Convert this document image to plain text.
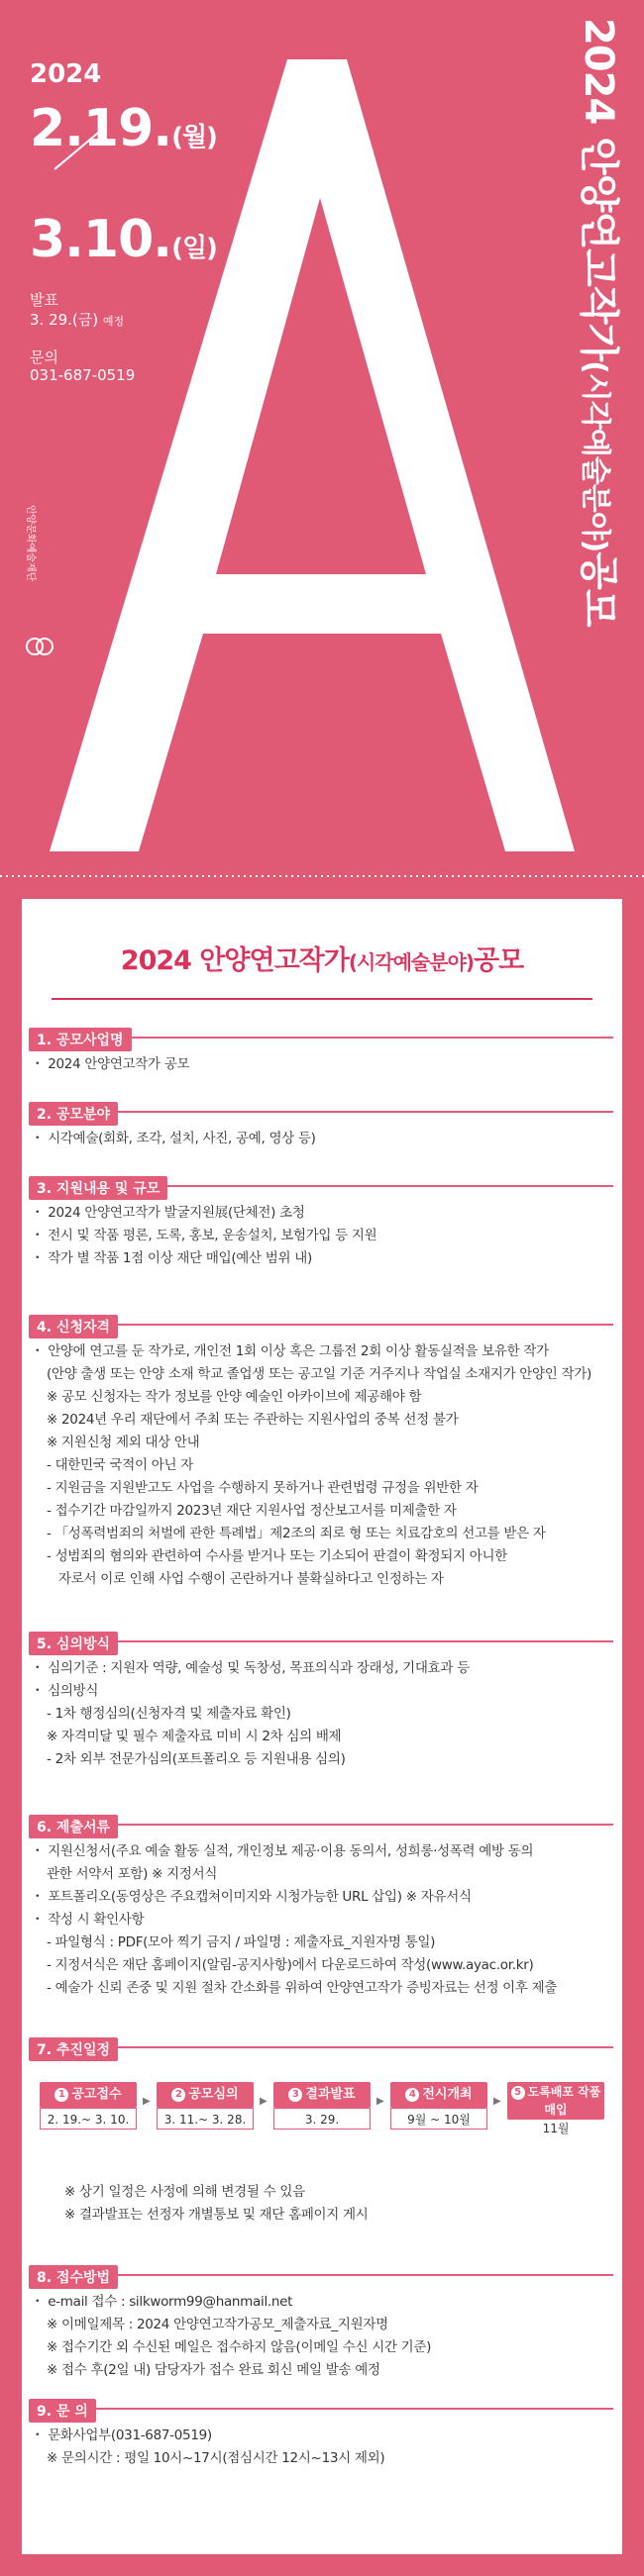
2024
2.19.(월)
3.10.(일)
발표
3. 29.(금) 예정
문의
031-687-0519
2024 안양연고작가(시각예술분야)공모
안양문화예술재단
2024 안양연고작가(시각예술분야)공모
1. 공모사업명
・ 2024 안양연고작가 공모
2. 공모분야
・ 시각예술(회화, 조각, 설치, 사진, 공예, 영상 등)
3. 지원내용 및 규모
・ 2024 안양연고작가 발굴지원展(단체전) 초청
・ 전시 및 작품 평론, 도록, 홍보, 운송설치, 보험가입 등 지원
・ 작가 별 작품 1점 이상 재단 매입(예산 범위 내)
4. 신청자격
・ 안양에 연고를 둔 작가로, 개인전 1회 이상 혹은 그룹전 2회 이상 활동실적을 보유한 작가
(안양 출생 또는 안양 소재 학교 졸업생 또는 공고일 기준 거주지나 작업실 소재지가 안양인 작가)
※ 공모 신청자는 작가 정보를 안양 예술인 아카이브에 제공해야 함
※ 2024년 우리 재단에서 주최 또는 주관하는 지원사업의 중복 선정 불가
※ 지원신청 제외 대상 안내
- 대한민국 국적이 아닌 자
- 지원금을 지원받고도 사업을 수행하지 못하거나 관련법령 규정을 위반한 자
- 접수기간 마감일까지 2023년 재단 지원사업 정산보고서를 미제출한 자
- 「성폭력범죄의 처벌에 관한 특례법」제2조의 죄로 형 또는 치료감호의 선고를 받은 자
- 성범죄의 혐의와 관련하여 수사를 받거나 또는 기소되어 판결이 확정되지 아니한
자로서 이로 인해 사업 수행이 곤란하거나 불확실하다고 인정하는 자
5. 심의방식
・ 심의기준 : 지원자 역량, 예술성 및 독창성, 목표의식과 장래성, 기대효과 등
・ 심의방식
- 1차 행정심의(신청자격 및 제출자료 확인)
※ 자격미달 및 필수 제출자료 미비 시 2차 심의 배제
- 2차 외부 전문가심의(포트폴리오 등 지원내용 심의)
6. 제출서류
・ 지원신청서(주요 예술 활동 실적, 개인정보 제공·이용 동의서, 성희롱·성폭력 예방 동의
관한 서약서 포함) ※ 지정서식
・ 포트폴리오(동영상은 주요캡쳐이미지와 시청가능한 URL 삽입) ※ 자유서식
・ 작성 시 확인사항
- 파일형식 : PDF(모아 찍기 금지 / 파일명 : 제출자료_지원자명 통일)
- 지정서식은 재단 홈페이지(알림-공지사항)에서 다운로드하여 작성(www.ayac.or.kr)
- 예술가 신뢰 존중 및 지원 절차 간소화를 위하여 안양연고작가 증빙자료는 선정 이후 제출
7. 추진일정
1 공고접수
2. 19.~ 3. 10.
▶
2 공모심의
3. 11.~ 3. 28.
▶
3 결과발표
3. 29.
▶
4 전시개최
9월 ~ 10월
▶
5 도록배포 작품매입
11월
※ 상기 일정은 사정에 의해 변경될 수 있음
※ 결과발표는 선정자 개별통보 및 재단 홈페이지 게시
8. 접수방법
・ e-mail 접수 : silkworm99@hanmail.net
※ 이메일제목 : 2024 안양연고작가공모_제출자료_지원자명
※ 접수기간 외 수신된 메일은 접수하지 않음(이메일 수신 시간 기준)
※ 접수 후(2일 내) 담당자가 접수 완료 회신 메일 발송 예정
9. 문 의
・ 문화사업부(031-687-0519)
※ 문의시간 : 평일 10시~17시(점심시간 12시~13시 제외)
